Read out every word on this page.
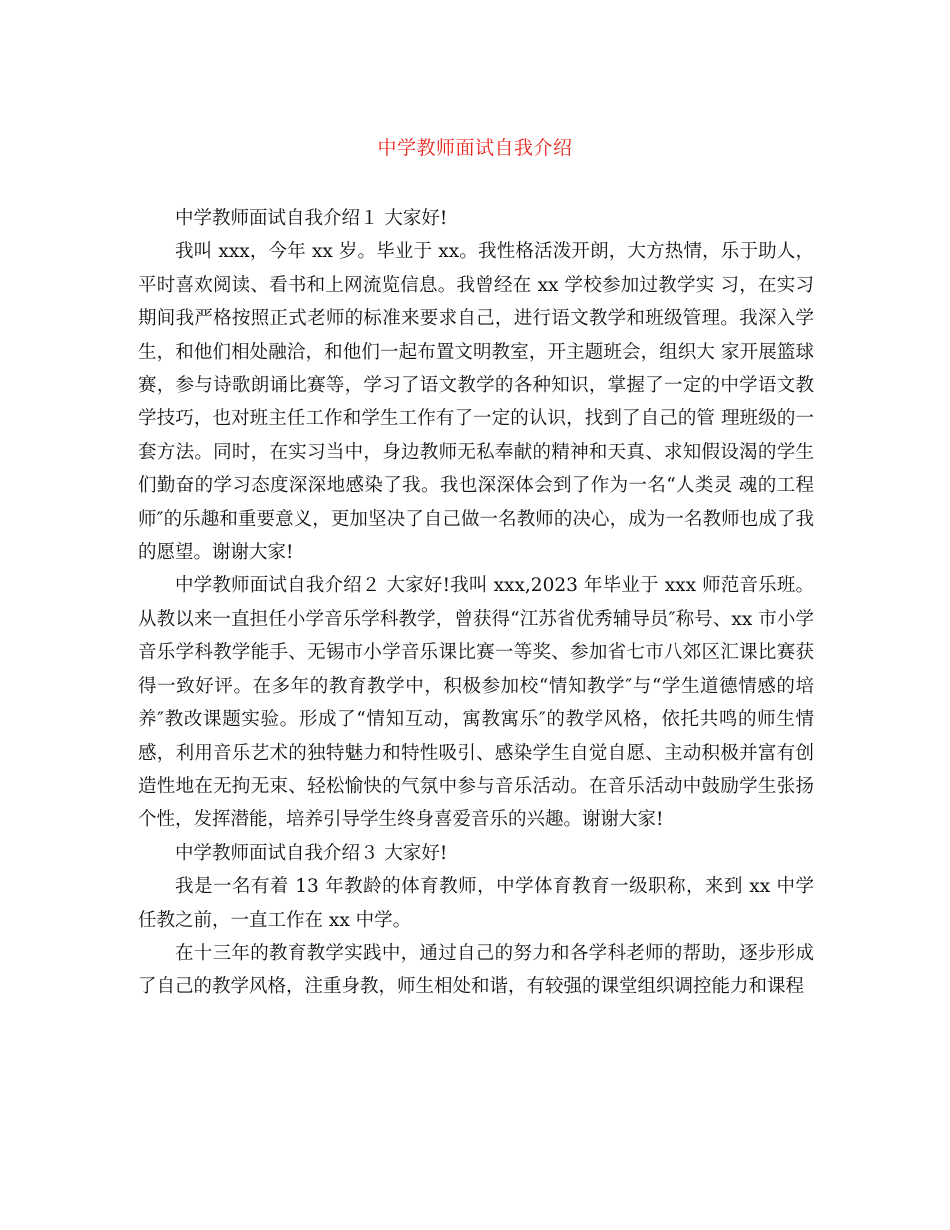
中学教师面试自我介绍

中学教师面试自我介绍１ 大家好!

我叫 xxx，今年 xx 岁。毕业于 xx。我性格活泼开朗，大方热情，乐于助人，平时喜欢阅读、看书和上网流览信息。我曾经在 xx 学校参加过教学实 习，在实习期间我严格按照正式老师的标准来要求自己，进行语文教学和班级管理。我深入学生，和他们相处融洽，和他们一起布置文明教室，开主题班会，组织大 家开展篮球赛，参与诗歌朗诵比赛等，学习了语文教学的各种知识，掌握了一定的中学语文教学技巧，也对班主任工作和学生工作有了一定的认识，找到了自己的管 理班级的一套方法。同时，在实习当中，身边教师无私奉献的精神和天真、求知假设渴的学生们勤奋的学习态度深深地感染了我。我也深深体会到了作为一名“人类灵 魂的工程师″的乐趣和重要意义，更加坚决了自己做一名教师的决心，成为一名教师也成了我的愿望。谢谢大家!

中学教师面试自我介绍２ 大家好!我叫 xxx,2023 年毕业于 xxx 师范音乐班。从教以来一直担任小学音乐学科教学，曾获得“江苏省优秀辅导员″称号、xx 市小学音乐学科教学能手、无锡市小学音乐课比赛一等奖、参加省七市八郊区汇课比赛获得一致好评。在多年的教育教学中，积极参加校“情知教学″与“学生道德情感的培养″教改课题实验。形成了“情知互动，寓教寓乐″的教学风格，依托共鸣的师生情感，利用音乐艺术的独特魅力和特性吸引、感染学生自觉自愿、主动积极并富有创造性地在无拘无束、轻松愉快的气氛中参与音乐活动。在音乐活动中鼓励学生张扬个性，发挥潜能，培养引导学生终身喜爱音乐的兴趣。谢谢大家!

中学教师面试自我介绍３ 大家好!

我是一名有着 13 年教龄的体育教师，中学体育教育一级职称，来到 xx 中学任教之前，一直工作在 xx 中学。

在十三年的教育教学实践中，通过自己的努力和各学科老师的帮助，逐步形成了自己的教学风格，注重身教，师生相处和谐，有较强的课堂组织调控能力和课程
